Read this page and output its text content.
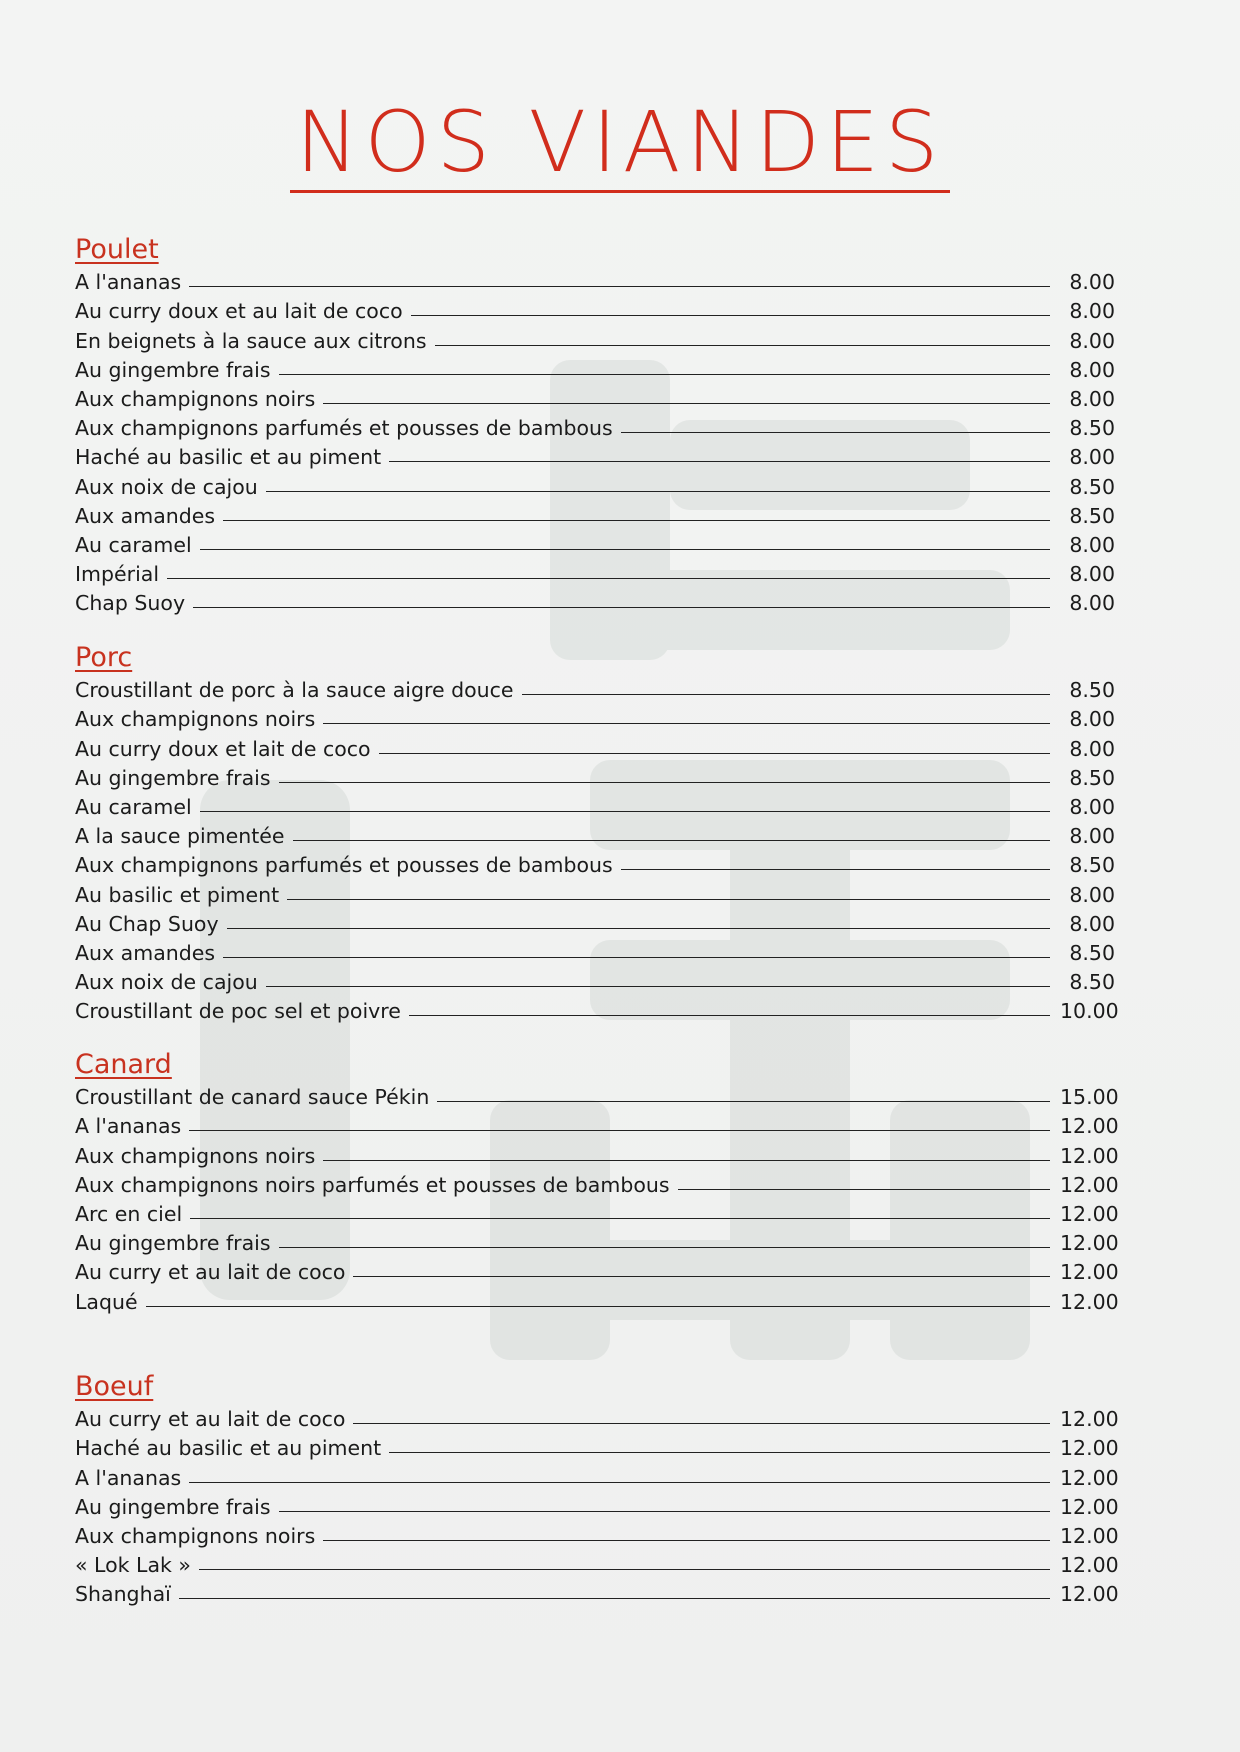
NOS VIANDES
Poulet
A l'ananas	8.00
Au curry doux et au lait de coco	8.00
En beignets à la sauce aux citrons	8.00
Au gingembre frais	8.00
Aux champignons noirs	8.00
Aux champignons parfumés et pousses de bambous	8.50
Haché au basilic et au piment	8.00
Aux noix de cajou	8.50
Aux amandes	8.50
Au caramel	8.00
Impérial	8.00
Chap Suoy	8.00
Porc
Croustillant de porc à la sauce aigre douce	8.50
Aux champignons noirs	8.00
Au curry doux et lait de coco	8.00
Au gingembre frais	8.50
Au caramel	8.00
A la sauce pimentée	8.00
Aux champignons parfumés et pousses de bambous	8.50
Au basilic et piment	8.00
Au Chap Suoy	8.00
Aux amandes	8.50
Aux noix de cajou	8.50
Croustillant de poc sel et poivre	10.00
Canard
Croustillant de canard sauce Pékin	15.00
A l'ananas	12.00
Aux champignons noirs	12.00
Aux champignons noirs parfumés et pousses de bambous	12.00
Arc en ciel	12.00
Au gingembre frais	12.00
Au curry et au lait de coco	12.00
Laqué	12.00
Boeuf
Au curry et au lait de coco	12.00
Haché au basilic et au piment	12.00
A l'ananas	12.00
Au gingembre frais	12.00
Aux champignons noirs	12.00
« Lok Lak »	12.00
Shanghaï	12.00
